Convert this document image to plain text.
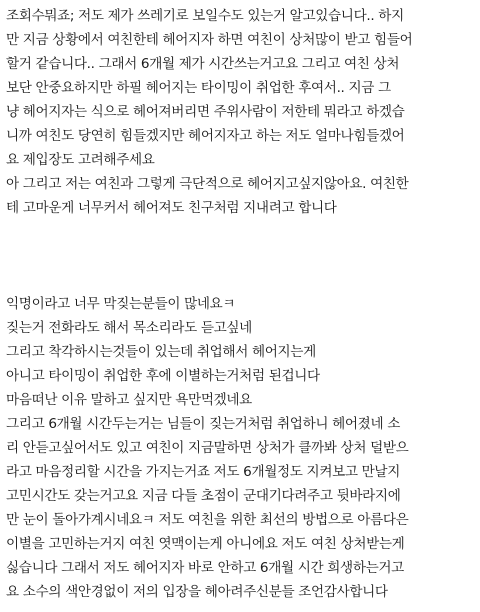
조회수뭐죠; 저도 제가 쓰레기로 보일수도 있는거 알고있습니다.. 하지
만 지금 상황에서 여친한테 헤어지자 하면 여친이 상처많이 받고 힘들어
할거 같습니다.. 그래서 6개월 제가 시간쓰는거고요 그리고 여친 상처
보단 안중요하지만 하필 헤어지는 타이밍이 취업한 후여서.. 지금 그
냥 헤어지자는 식으로 헤어져버리면 주위사람이 저한테 뭐라고 하겠습
니까 여친도 당연히 힘들겠지만 헤어지자고 하는 저도 얼마나힘들겠어
요 제입장도 고려해주세요
아 그리고 저는 여친과 그렇게 극단적으로 헤어지고싶지않아요. 여친한
테 고마운게 너무커서 헤어져도 친구처럼 지내려고 합니다
익명이라고 너무 막짖는분들이 많네요ㅋ
짖는거 전화라도 해서 목소리라도 듣고싶네
그리고 착각하시는것들이 있는데 취업해서 헤어지는게
아니고 타이밍이 취업한 후에 이별하는거처럼 된겁니다
마음떠난 이유 말하고 싶지만 욕만먹겠네요
그리고 6개월 시간두는거는 님들이 짖는거처럼 취업하니 헤어졌네 소
리 안듣고싶어서도 있고 여친이 지금말하면 상처가 클까봐 상처 덜받으
라고 마음정리할 시간을 가지는거죠 저도 6개월정도 지켜보고 만날지
고민시간도 갖는거고요 지금 다들 초점이 군대기다려주고 뒷바라지에
만 눈이 돌아가계시네요ㅋ 저도 여친을 위한 최선의 방법으로 아름다은
이별을 고민하는거지 여친 엿맥이는게 아니에요 저도 여친 상처받는게
싫습니다 그래서 저도 헤어지자 바로 안하고 6개월 시간 희생하는거고
요 소수의 색안경없이 저의 입장을 헤아려주신분들 조언감사합니다
